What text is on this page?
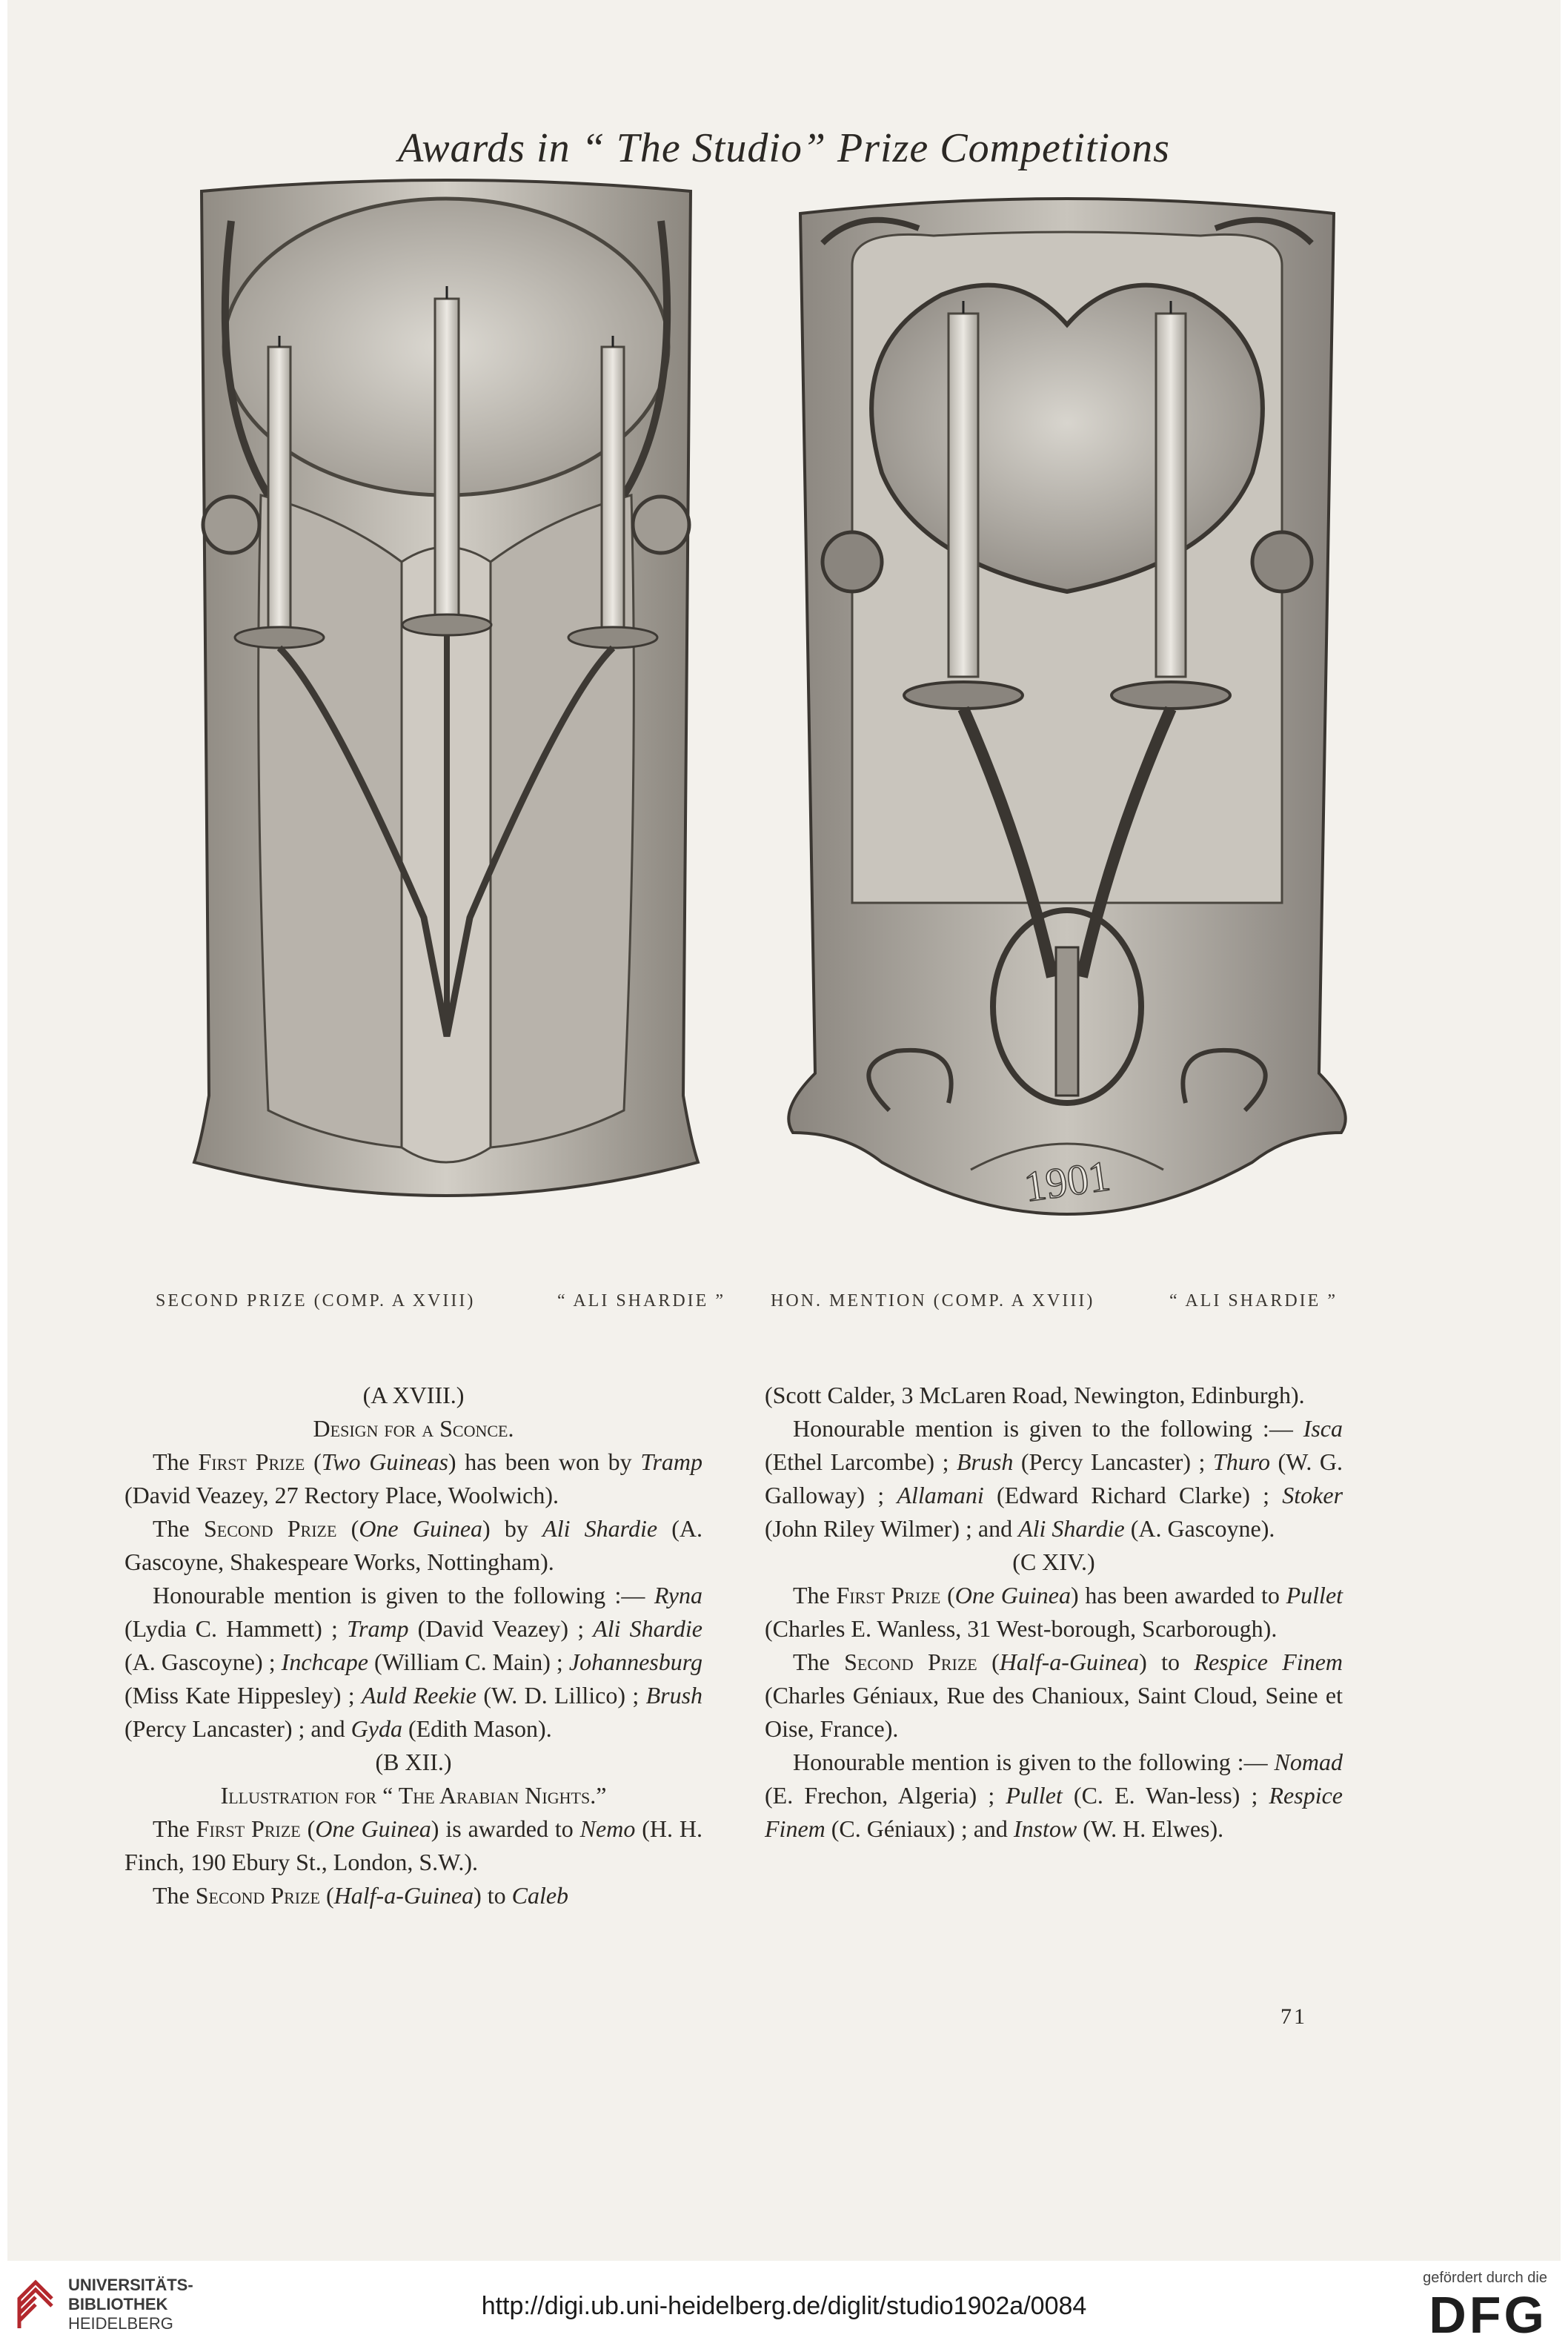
Awards in “ The Studio” Prize Competitions
1901
SECOND PRIZE (COMP. A XVIII)	“ ALI SHARDIE ”	HON. MENTION (COMP. A XVIII)	“ ALI SHARDIE ”

(A XVIII.)

Design for a Sconce.

The First Prize (Two Guineas) has been won by Tramp (David Veazey, 27 Rectory Place, Woolwich).

The Second Prize (One Guinea) by Ali Shardie (A. Gascoyne, Shakespeare Works, Nottingham).

Honourable mention is given to the following :— Ryna (Lydia C. Hammett) ; Tramp (David Veazey) ; Ali Shardie (A. Gascoyne) ; Inchcape (William C. Main) ; Johannesburg (Miss Kate Hippesley) ; Auld Reekie (W. D. Lillico) ; Brush (Percy Lancaster) ; and Gyda (Edith Mason).

(B XII.)

Illustration for “ The Arabian Nights.”

The First Prize (One Guinea) is awarded to Nemo (H. H. Finch, 190 Ebury St., London, S.W.).

The Second Prize (Half-a-Guinea) to Caleb

(Scott Calder, 3 McLaren Road, Newington, Edinburgh).

Honourable mention is given to the following :— Isca (Ethel Larcombe) ; Brush (Percy Lancaster) ; Thuro (W. G. Galloway) ; Allamani (Edward Richard Clarke) ; Stoker (John Riley Wilmer) ; and Ali Shardie (A. Gascoyne).

(C XIV.)

The First Prize (One Guinea) has been awarded to Pullet (Charles E. Wanless, 31 West-borough, Scarborough).

The Second Prize (Half-a-Guinea) to Respice Finem (Charles Géniaux, Rue des Chanioux, Saint Cloud, Seine et Oise, France).

Honourable mention is given to the following :— Nomad (E. Frechon, Algeria) ; Pullet (C. E. Wan-less) ; Respice Finem (C. Géniaux) ; and Instow (W. H. Elwes).

71
UNIVERSITÄTS-
BIBLIOTHEK
HEIDELBERG
http://digi.ub.uni-heidelberg.de/diglit/studio1902a/0084
gefördert durch die
DFG
